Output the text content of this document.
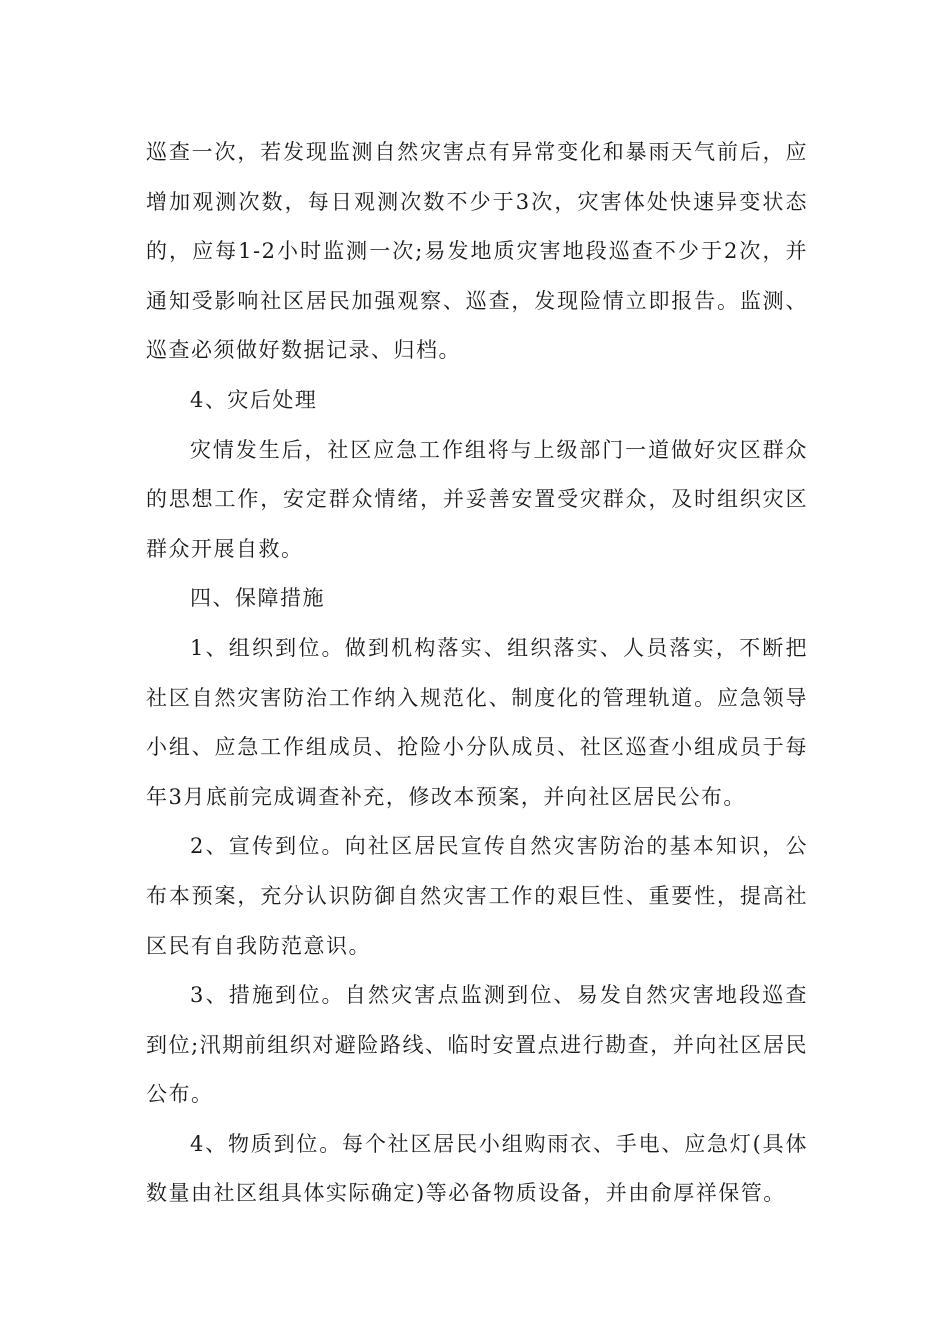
巡查一次，若发现监测自然灾害点有异常变化和暴雨天气前后，应增加观测次数，每日观测次数不少于3次，灾害体处快速异变状态的，应每1-2小时监测一次;易发地质灾害地段巡查不少于2次，并通知受影响社区居民加强观察、巡查，发现险情立即报告。监测、巡查必须做好数据记录、归档。

4、灾后处理

灾情发生后，社区应急工作组将与上级部门一道做好灾区群众的思想工作，安定群众情绪，并妥善安置受灾群众，及时组织灾区群众开展自救。

四、保障措施

1、组织到位。做到机构落实、组织落实、人员落实，不断把社区自然灾害防治工作纳入规范化、制度化的管理轨道。应急领导小组、应急工作组成员、抢险小分队成员、社区巡查小组成员于每年3月底前完成调查补充，修改本预案，并向社区居民公布。

2、宣传到位。向社区居民宣传自然灾害防治的基本知识，公布本预案，充分认识防御自然灾害工作的艰巨性、重要性，提高社区民有自我防范意识。

3、措施到位。自然灾害点监测到位、易发自然灾害地段巡查到位;汛期前组织对避险路线、临时安置点进行勘查，并向社区居民公布。

4、物质到位。每个社区居民小组购雨衣、手电、应急灯(具体数量由社区组具体实际确定)等必备物质设备，并由俞厚祥保管。
